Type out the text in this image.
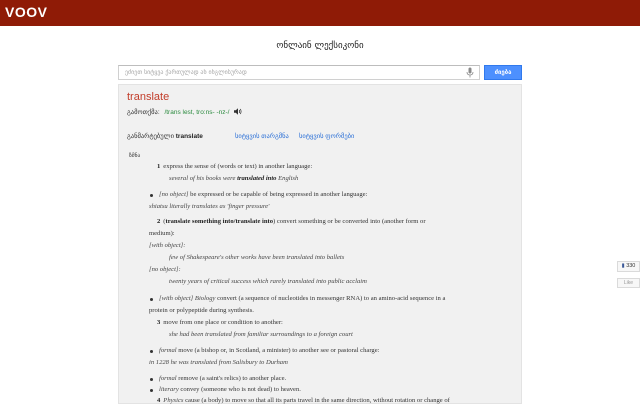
VOOV
ონლაინ ლექსიკონი
ეძიეთ სიტყვა ქართულად ან ინგლისურად
ძიება
translate
გამოთქმა: /trans lest, tro:ns- -nz-/
განმარტებული translate	სიტყვის თარგმნა სიტყვის ფორმები
ზმნა
1 express the sense of (words or text) in another language:
several of his books were translated into English
[no object] be expressed or be capable of being expressed in another language:
shiatsu literally translates as 'finger pressure'
2 (translate something into/translate into) convert something or be converted into (another form or
medium):
[with object]:
few of Shakespeare's other works have been translated into ballets
[no object]:
twenty years of critical success which rarely translated into public acclaim
[with object] Biology convert (a sequence of nucleotides in messenger RNA) to an amino-acid sequence in a
protein or polypeptide during synthesis.
3 move from one place or condition to another:
she had been translated from familiar surroundings to a foreign court
formal move (a bishop or, in Scotland, a minister) to another see or pastoral charge:
in 1228 he was translated from Salisbury to Durham
formal remove (a saint's relics) to another place.
literary convey (someone who is not dead) to heaven.
4 Physics cause (a body) to move so that all its parts travel in the same direction, without rotation or change of
▮ 330
Like
